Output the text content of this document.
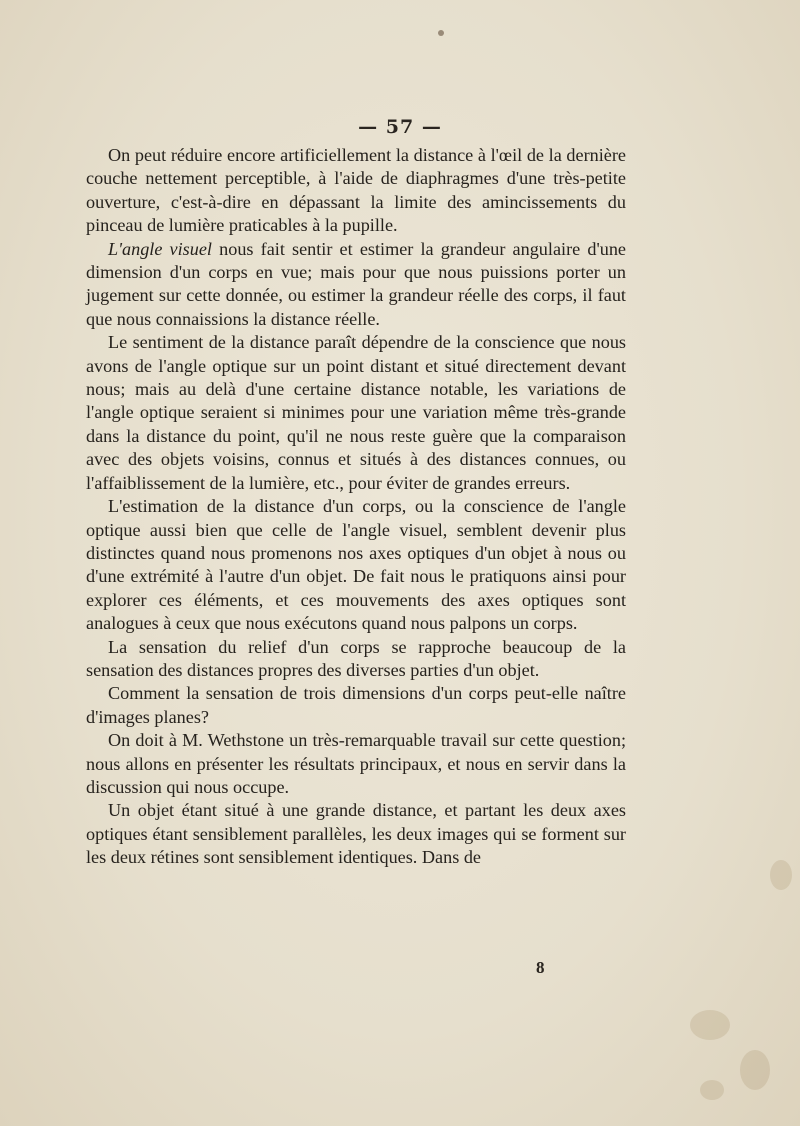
— 57 —

On peut réduire encore artificiellement la distance à l'œil de la dernière couche nettement perceptible, à l'aide de diaphragmes d'une très-petite ouverture, c'est-à-dire en dépassant la limite des amincissements du pinceau de lumière praticables à la pupille.

L'angle visuel nous fait sentir et estimer la grandeur angulaire d'une dimension d'un corps en vue; mais pour que nous puissions porter un jugement sur cette donnée, ou estimer la grandeur réelle des corps, il faut que nous connaissions la distance réelle.

Le sentiment de la distance paraît dépendre de la conscience que nous avons de l'angle optique sur un point distant et situé directement devant nous; mais au delà d'une certaine distance notable, les variations de l'angle optique seraient si minimes pour une variation même très-grande dans la distance du point, qu'il ne nous reste guère que la comparaison avec des objets voisins, connus et situés à des distances connues, ou l'affaiblissement de la lumière, etc., pour éviter de grandes erreurs.

L'estimation de la distance d'un corps, ou la conscience de l'angle optique aussi bien que celle de l'angle visuel, semblent devenir plus distinctes quand nous promenons nos axes optiques d'un objet à nous ou d'une extrémité à l'autre d'un objet. De fait nous le pratiquons ainsi pour explorer ces éléments, et ces mouvements des axes optiques sont analogues à ceux que nous exécutons quand nous palpons un corps.

La sensation du relief d'un corps se rapproche beaucoup de la sensation des distances propres des diverses parties d'un objet.

Comment la sensation de trois dimensions d'un corps peut-elle naître d'images planes?

On doit à M. Wethstone un très-remarquable travail sur cette question; nous allons en présenter les résultats principaux, et nous en servir dans la discussion qui nous occupe.

Un objet étant situé à une grande distance, et partant les deux axes optiques étant sensiblement parallèles, les deux images qui se forment sur les deux rétines sont sensiblement identiques. Dans de

8
